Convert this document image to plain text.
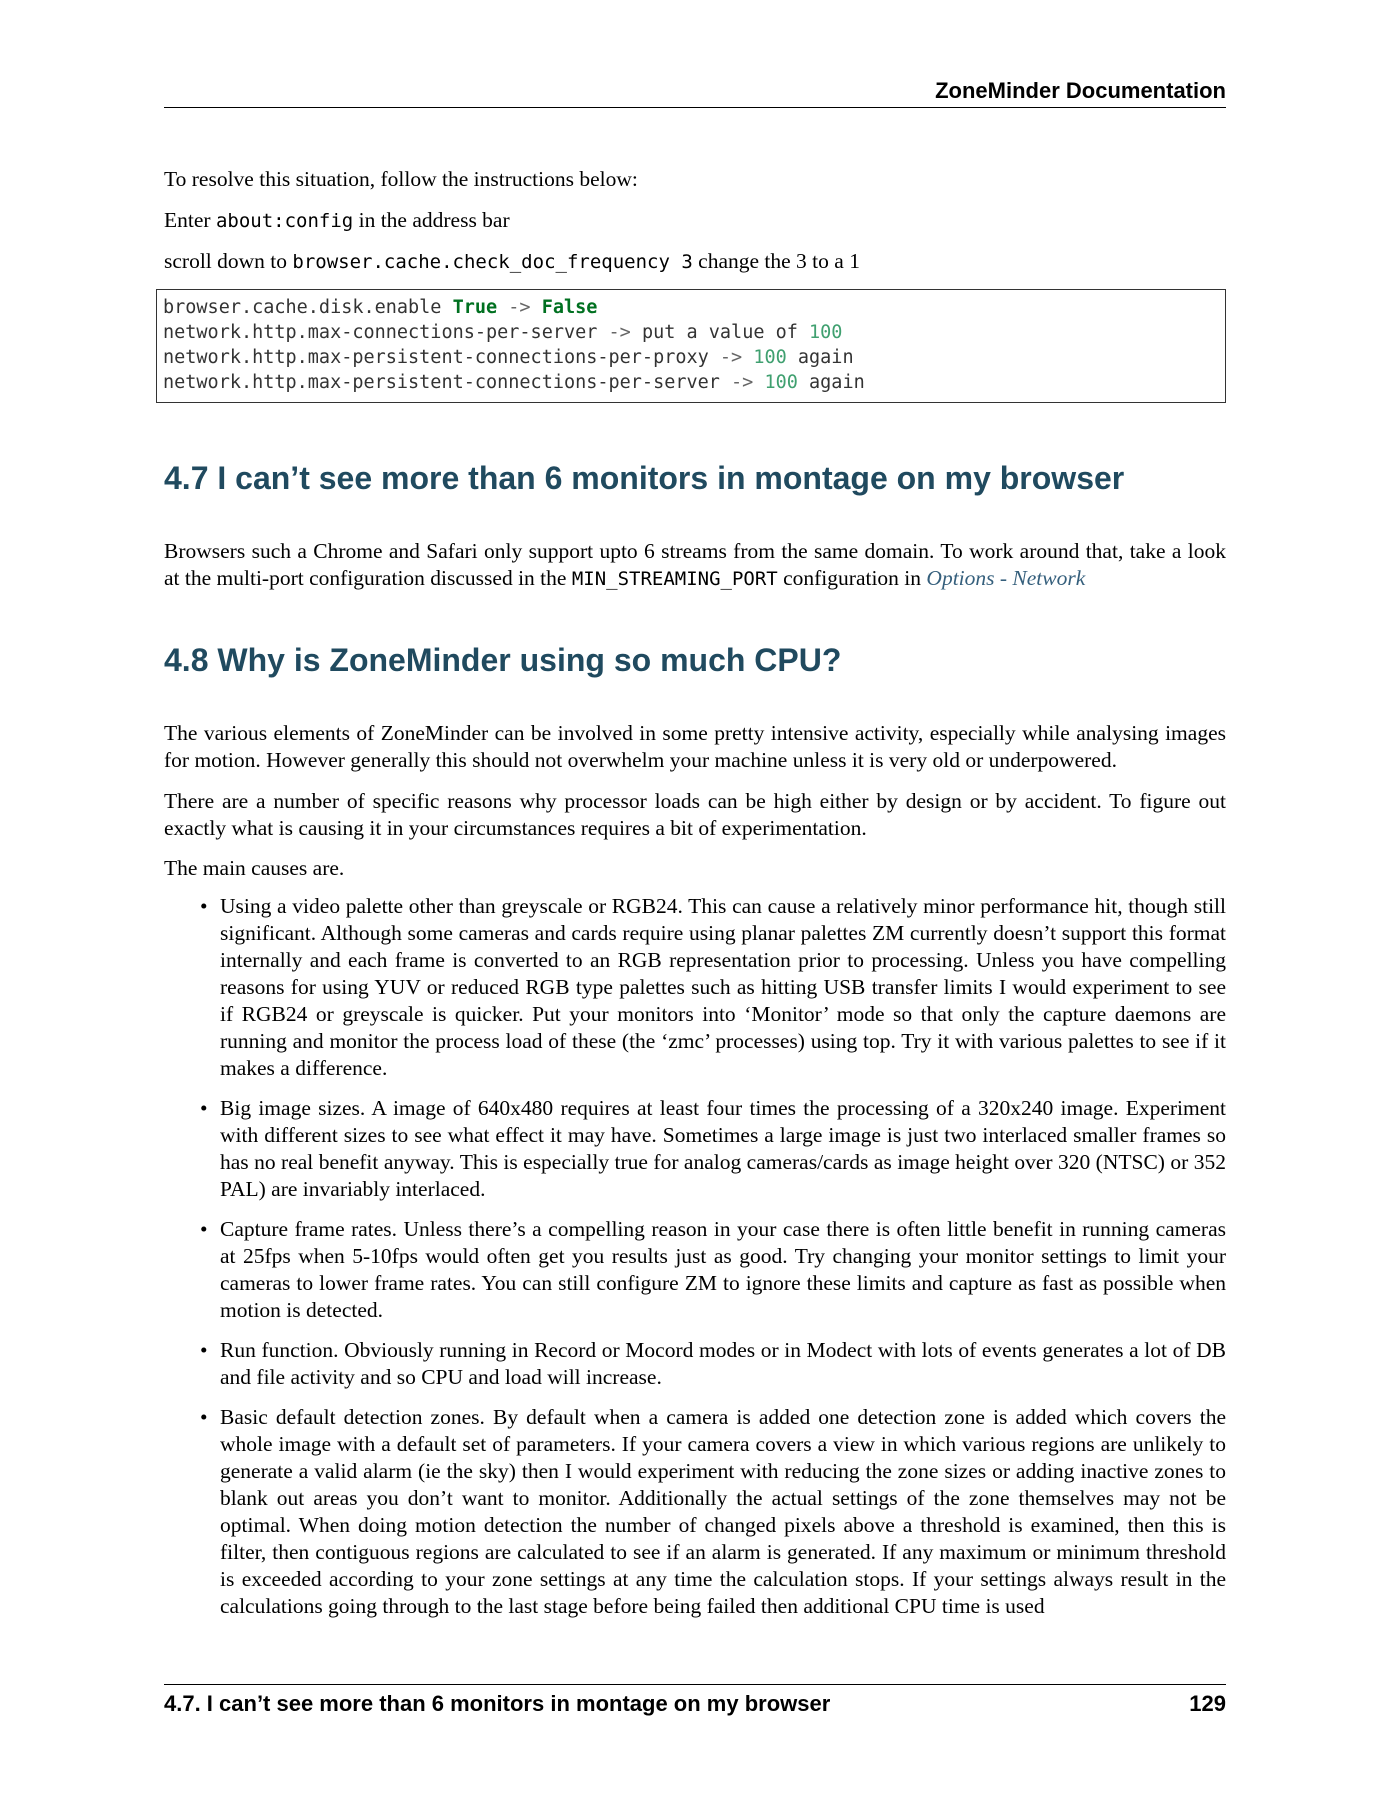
ZoneMinder Documentation
To resolve this situation, follow the instructions below:
Enter about:config in the address bar
scroll down to browser.cache.check_doc_frequency 3 change the 3 to a 1
browser.cache.disk.enable True -> False
network.http.max-connections-per-server -> put a value of 100
network.http.max-persistent-connections-per-proxy -> 100 again
network.http.max-persistent-connections-per-server -> 100 again
4.7 I can’t see more than 6 monitors in montage on my browser
Browsers such a Chrome and Safari only support upto 6 streams from the same domain. To work around that, take a look at the multi-port configuration discussed in the MIN_STREAMING_PORT configuration in Options - Network
4.8 Why is ZoneMinder using so much CPU?
The various elements of ZoneMinder can be involved in some pretty intensive activity, especially while analysing images for motion. However generally this should not overwhelm your machine unless it is very old or underpowered.
There are a number of specific reasons why processor loads can be high either by design or by accident. To figure out exactly what is causing it in your circumstances requires a bit of experimentation.
The main causes are.
• Using a video palette other than greyscale or RGB24. This can cause a relatively minor performance hit, though still significant. Although some cameras and cards require using planar palettes ZM currently doesn’t support this format internally and each frame is converted to an RGB representation prior to processing. Unless you have compelling reasons for using YUV or reduced RGB type palettes such as hitting USB transfer limits I would experiment to see if RGB24 or greyscale is quicker. Put your monitors into ‘Monitor’ mode so that only the capture daemons are running and monitor the process load of these (the ‘zmc’ processes) using top. Try it with various palettes to see if it makes a difference.
• Big image sizes. A image of 640x480 requires at least four times the processing of a 320x240 image. Experiment with different sizes to see what effect it may have. Sometimes a large image is just two interlaced smaller frames so has no real benefit anyway. This is especially true for analog cameras/cards as image height over 320 (NTSC) or 352 PAL) are invariably interlaced.
• Capture frame rates. Unless there’s a compelling reason in your case there is often little benefit in running cameras at 25fps when 5-10fps would often get you results just as good. Try changing your monitor settings to limit your cameras to lower frame rates. You can still configure ZM to ignore these limits and capture as fast as possible when motion is detected.
• Run function. Obviously running in Record or Mocord modes or in Modect with lots of events generates a lot of DB and file activity and so CPU and load will increase.
• Basic default detection zones. By default when a camera is added one detection zone is added which covers the whole image with a default set of parameters. If your camera covers a view in which various regions are unlikely to generate a valid alarm (ie the sky) then I would experiment with reducing the zone sizes or adding inactive zones to blank out areas you don’t want to monitor. Additionally the actual settings of the zone themselves may not be optimal. When doing motion detection the number of changed pixels above a threshold is examined, then this is filter, then contiguous regions are calculated to see if an alarm is generated. If any maximum or minimum threshold is exceeded according to your zone settings at any time the calculation stops. If your settings always result in the calculations going through to the last stage before being failed then additional CPU time is used
4.7. I can’t see more than 6 monitors in montage on my browser	129
